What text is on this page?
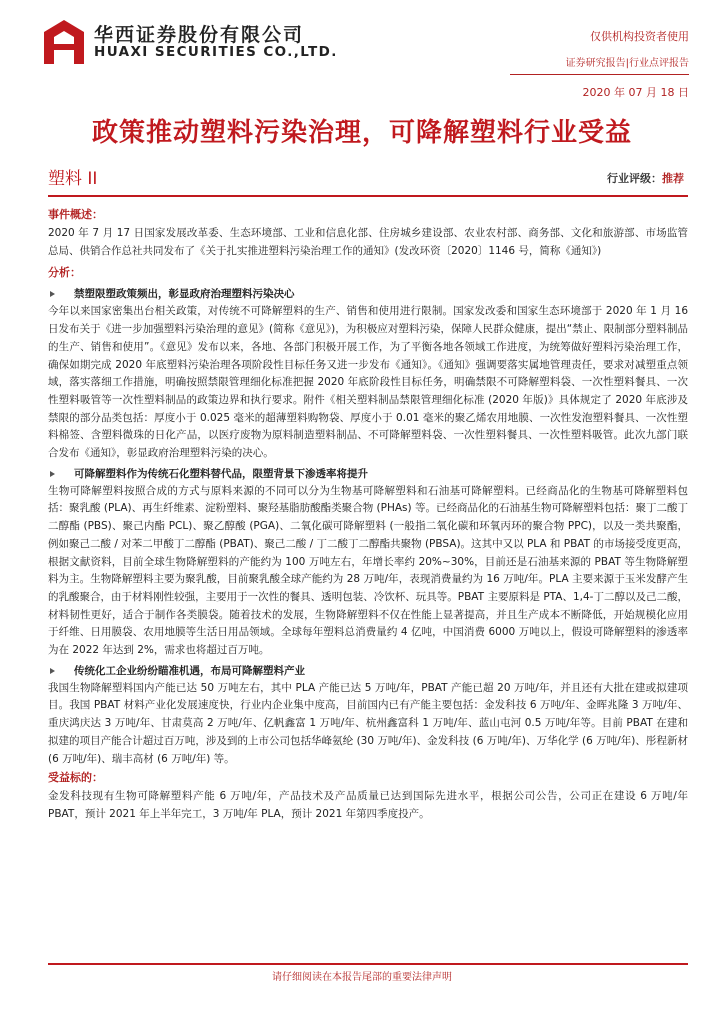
华西证券股份有限公司
HUAXI SECURITIES CO.,LTD.
仅供机构投资者使用
证券研究报告|行业点评报告
2020 年 07 月 18 日
政策推动塑料污染治理，可降解塑料行业受益
塑料 II	行业评级：推荐
事件概述：

2020 年 7 月 17 日国家发展改革委、生态环境部、工业和信息化部、住房城乡建设部、农业农村部、商务部、文化和旅游部、市场监管总局、供销合作总社共同发布了《关于扎实推进塑料污染治理工作的通知》(发改环资〔2020〕1146 号，简称《通知》)

分析：
禁塑限塑政策频出，彰显政府治理塑料污染决心

今年以来国家密集出台相关政策，对传统不可降解塑料的生产、销售和使用进行限制。国家发改委和国家生态环境部于 2020 年 1 月 16 日发布关于《进一步加强塑料污染治理的意见》(简称《意见》)，为积极应对塑料污染，保障人民群众健康，提出“禁止、限制部分塑料制品的生产、销售和使用”。《意见》发布以来，各地、各部门积极开展工作，为了平衡各地各领域工作进度，为统筹做好塑料污染治理工作，确保如期完成 2020 年底塑料污染治理各项阶段性目标任务又进一步发布《通知》。《通知》强调要落实属地管理责任，要求对减塑重点领域，落实落细工作措施，明确按照禁限管理细化标准把握 2020 年底阶段性目标任务，明确禁限不可降解塑料袋、一次性塑料餐具、一次性塑料吸管等一次性塑料制品的政策边界和执行要求。附件《相关塑料制品禁限管理细化标准 (2020 年版)》具体规定了 2020 年底涉及禁限的部分品类包括：厚度小于 0.025 毫米的超薄塑料购物袋、厚度小于 0.01 毫米的聚乙烯农用地膜、一次性发泡塑料餐具、一次性塑料棉签、含塑料微珠的日化产品，以医疗废物为原料制造塑料制品、不可降解塑料袋、一次性塑料餐具、一次性塑料吸管。此次九部门联合发布《通知》，彰显政府治理塑料污染的决心。

可降解塑料作为传统石化塑料替代品，限塑背景下渗透率将提升

生物可降解塑料按照合成的方式与原料来源的不同可以分为生物基可降解塑料和石油基可降解塑料。已经商品化的生物基可降解塑料包括：聚乳酸 (PLA)、再生纤维素、淀粉塑料、聚羟基脂肪酸酯类聚合物 (PHAs) 等。已经商品化的石油基生物可降解塑料包括：聚丁二酸丁二醇酯 (PBS)、聚己内酯 PCL)、聚乙醇酸 (PGA)、二氧化碳可降解塑料 (一般指二氧化碳和环氧丙环的聚合物 PPC)，以及一类共聚酯，例如聚己二酸 / 对苯二甲酸丁二醇酯 (PBAT)、聚己二酸 / 丁二酸丁二醇酯共聚物 (PBSA)。这其中又以 PLA 和 PBAT 的市场接受度更高，根据文献资料，目前全球生物降解塑料的产能约为 100 万吨左右，年增长率约 20%~30%，目前还是石油基来源的 PBAT 等生物降解塑料为主。生物降解塑料主要为聚乳酸，目前聚乳酸全球产能约为 28 万吨/年，表现消费量约为 16 万吨/年。PLA 主要来源于玉米发酵产生的乳酸聚合，由于材料刚性较强，主要用于一次性的餐具、透明包装、冷饮杯、玩具等。PBAT 主要原料是 PTA、1,4-丁二醇以及己二酸，材料韧性更好，适合于制作各类膜袋。随着技术的发展，生物降解塑料不仅在性能上显著提高，并且生产成本不断降低，开始规模化应用于纤维、日用膜袋、农用地膜等生活日用品领域。全球每年塑料总消费量约 4 亿吨，中国消费 6000 万吨以上，假设可降解塑料的渗透率为在 2022 年达到 2%，需求也将超过百万吨。

传统化工企业纷纷瞄准机遇，布局可降解塑料产业

我国生物降解塑料国内产能已达 50 万吨左右，其中 PLA 产能已达 5 万吨/年，PBAT 产能已超 20 万吨/年，并且还有大批在建或拟建项目。我国 PBAT 材料产业化发展速度快，行业内企业集中度高，目前国内已有产能主要包括：金发科技 6 万吨/年、金晖兆隆 3 万吨/年、重庆鸿庆达 3 万吨/年、甘肃莫高 2 万吨/年、亿帆鑫富 1 万吨/年、杭州鑫富科 1 万吨/年、蓝山屯河 0.5 万吨/年等。目前 PBAT 在建和拟建的项目产能合计超过百万吨，涉及到的上市公司包括华峰氨纶 (30 万吨/年)、金发科技 (6 万吨/年)、万华化学 (6 万吨/年)、彤程新材 (6 万吨/年)、瑞丰高材 (6 万吨/年) 等。

受益标的：

金发科技现有生物可降解塑料产能 6 万吨/年，产品技术及产品质量已达到国际先进水平，根据公司公告，公司正在建设 6 万吨/年 PBAT，预计 2021 年上半年完工，3 万吨/年 PLA，预计 2021 年第四季度投产。

请仔细阅读在本报告尾部的重要法律声明
